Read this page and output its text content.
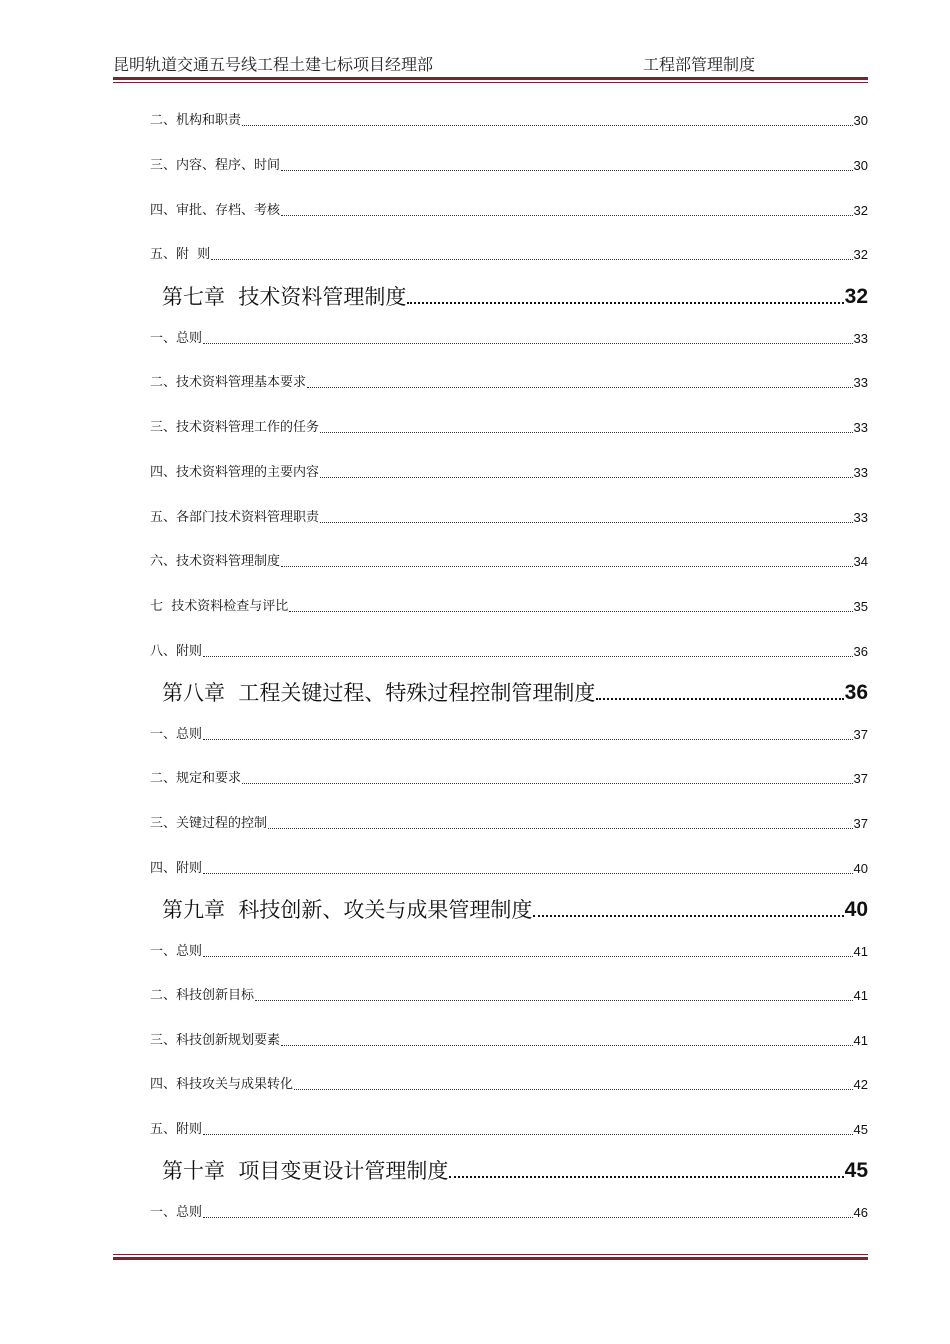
昆明轨道交通五号线工程土建七标项目经理部	工程部管理制度
二、机构和职责	30
三、内容、程序、时间	30
四、审批、存档、考核	32
五、附  则	32
第七章  技术资料管理制度	32
一、总则	33
二、技术资料管理基本要求	33
三、技术资料管理工作的任务	33
四、技术资料管理的主要内容	33
五、各部门技术资料管理职责	33
六、技术资料管理制度	34
七  技术资料检查与评比	35
八、附则	36
第八章  工程关键过程、特殊过程控制管理制度	36
一、总则	37
二、规定和要求	37
三、关键过程的控制	37
四、附则	40
第九章  科技创新、攻关与成果管理制度	40
一、总则	41
二、科技创新目标	41
三、科技创新规划要素	41
四、科技攻关与成果转化	42
五、附则	45
第十章  项目变更设计管理制度	45
一、总则	46
